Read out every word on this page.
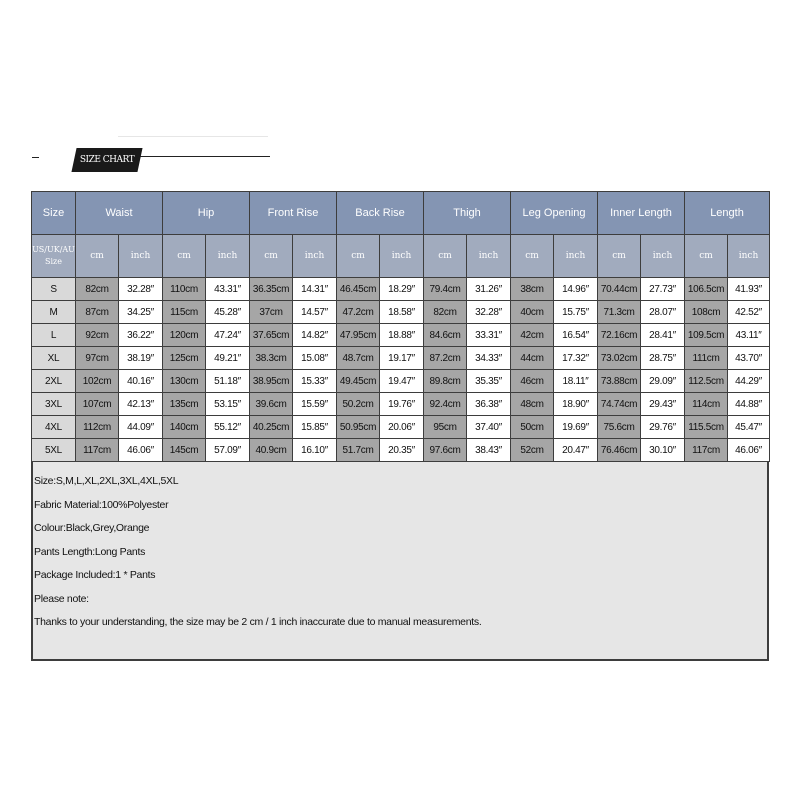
SIZE CHART
Size	Waist		Hip		Front Rise		Back Rise		Thigh		Leg Opening		Inner Length		Length	
US/UK/AU
Size	cm	inch	cm	inch	cm	inch	cm	inch	cm	inch	cm	inch	cm	inch	cm	inch
S	82cm	32.28″	110cm	43.31″	36.35cm	14.31″	46.45cm	18.29″	79.4cm	31.26″	38cm	14.96″	70.44cm	27.73″	106.5cm	41.93″
M	87cm	34.25″	115cm	45.28″	37cm	14.57″	47.2cm	18.58″	82cm	32.28″	40cm	15.75″	71.3cm	28.07″	108cm	42.52″
L	92cm	36.22″	120cm	47.24″	37.65cm	14.82″	47.95cm	18.88″	84.6cm	33.31″	42cm	16.54″	72.16cm	28.41″	109.5cm	43.11″
XL	97cm	38.19″	125cm	49.21″	38.3cm	15.08″	48.7cm	19.17″	87.2cm	34.33″	44cm	17.32″	73.02cm	28.75″	111cm	43.70″
2XL	102cm	40.16″	130cm	51.18″	38.95cm	15.33″	49.45cm	19.47″	89.8cm	35.35″	46cm	18.11″	73.88cm	29.09″	112.5cm	44.29″
3XL	107cm	42.13″	135cm	53.15″	39.6cm	15.59″	50.2cm	19.76″	92.4cm	36.38″	48cm	18.90″	74.74cm	29.43″	114cm	44.88″
4XL	112cm	44.09″	140cm	55.12″	40.25cm	15.85″	50.95cm	20.06″	95cm	37.40″	50cm	19.69″	75.6cm	29.76″	115.5cm	45.47″
5XL	117cm	46.06″	145cm	57.09″	40.9cm	16.10″	51.7cm	20.35″	97.6cm	38.43″	52cm	20.47″	76.46cm	30.10″	117cm	46.06″
Size:S,M,L,XL,2XL,3XL,4XL,5XL
Fabric Material:100%Polyester
Colour:Black,Grey,Orange
Pants Length:Long Pants
Package Included:1 * Pants
Please note:
Thanks to your understanding, the size may be 2 cm / 1 inch inaccurate due to manual measurements.
